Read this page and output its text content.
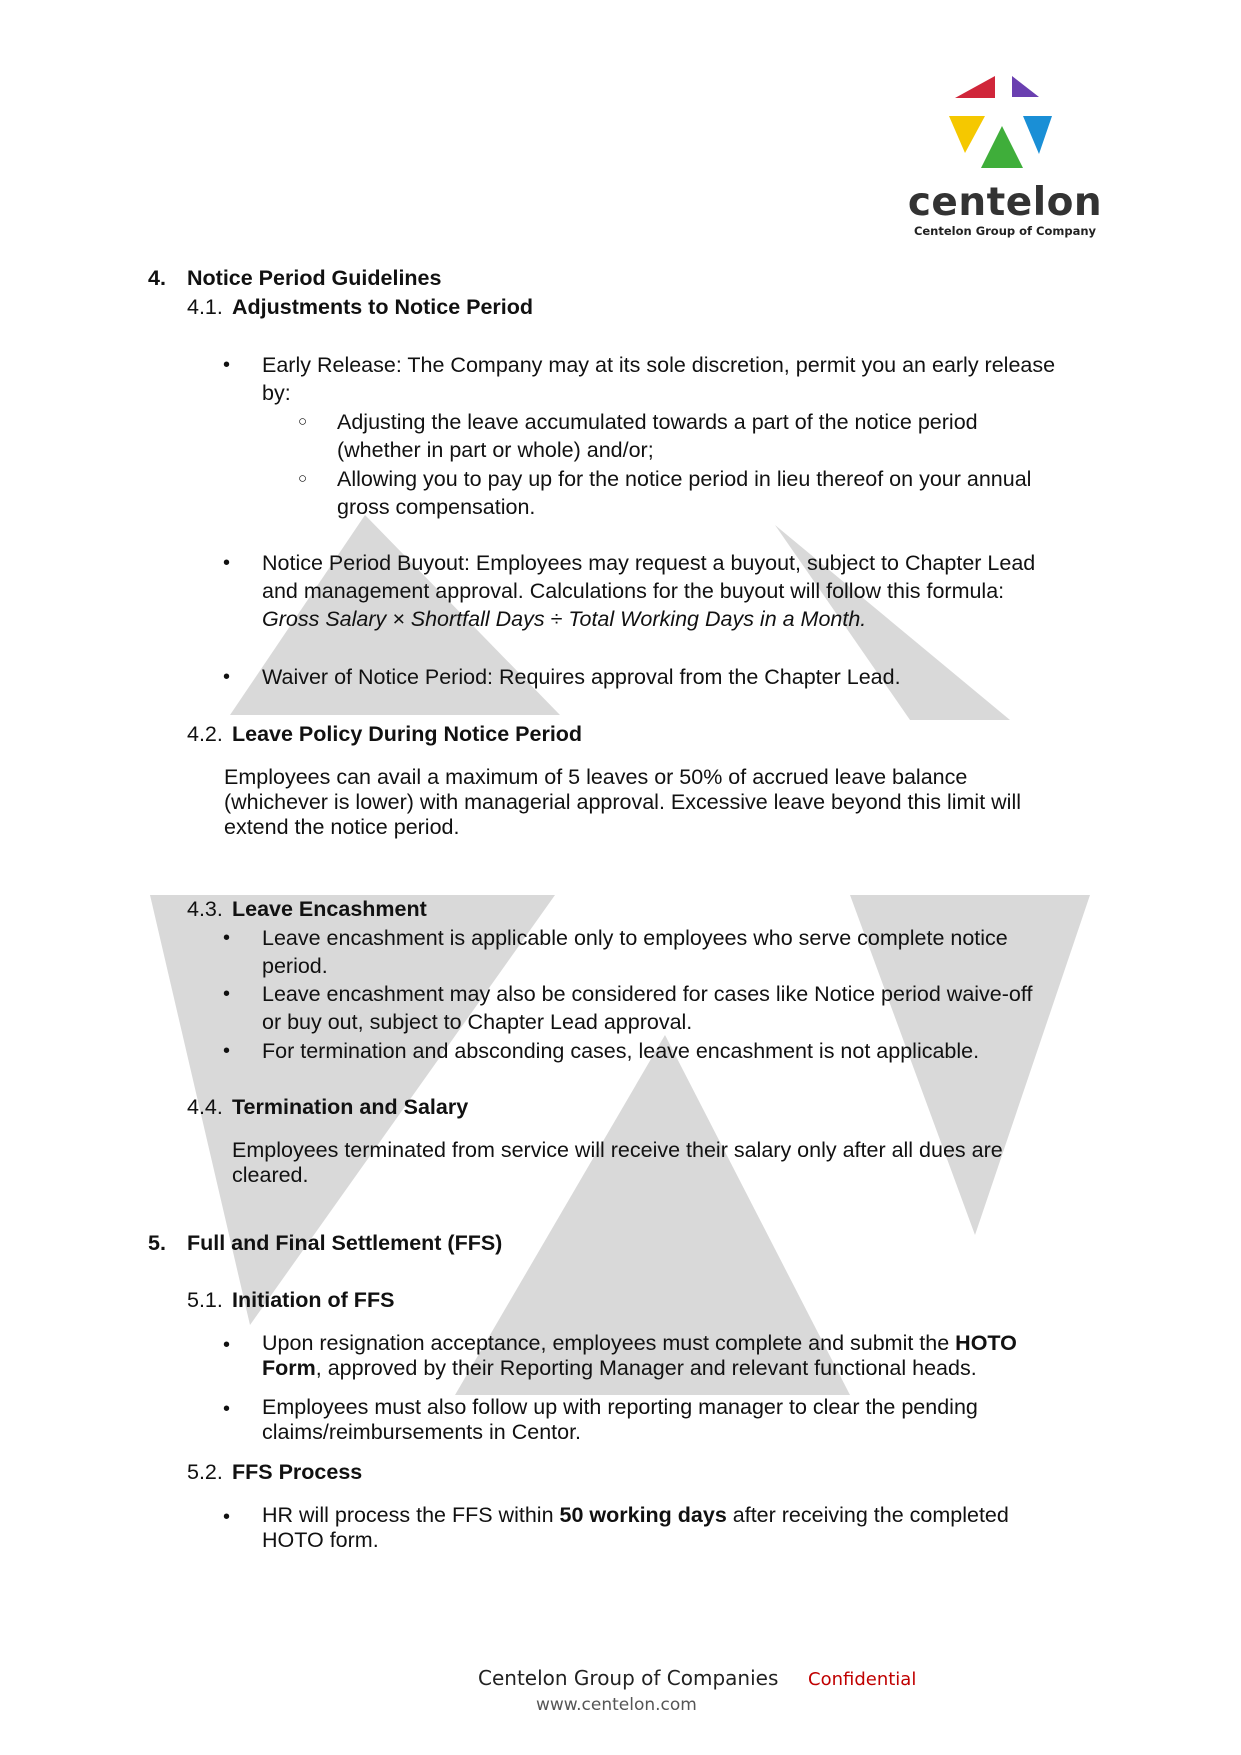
centelon
Centelon Group of Company
4. Notice Period Guidelines
4.1. Adjustments to Notice Period
• Early Release: The Company may at its sole discretion, permit you an early release
by:
○ Adjusting the leave accumulated towards a part of the notice period
(whether in part or whole) and/or;
○ Allowing you to pay up for the notice period in lieu thereof on your annual
gross compensation.
• Notice Period Buyout: Employees may request a buyout, subject to Chapter Lead
and management approval. Calculations for the buyout will follow this formula:
Gross Salary × Shortfall Days ÷ Total Working Days in a Month.
• Waiver of Notice Period: Requires approval from the Chapter Lead.
4.2. Leave Policy During Notice Period
Employees can avail a maximum of 5 leaves or 50% of accrued leave balance
(whichever is lower) with managerial approval. Excessive leave beyond this limit will
extend the notice period.
4.3. Leave Encashment
• Leave encashment is applicable only to employees who serve complete notice
period.
• Leave encashment may also be considered for cases like Notice period waive-off
or buy out, subject to Chapter Lead approval.
• For termination and absconding cases, leave encashment is not applicable.
4.4. Termination and Salary
Employees terminated from service will receive their salary only after all dues are
cleared.
5. Full and Final Settlement (FFS)
5.1. Initiation of FFS
• Upon resignation acceptance, employees must complete and submit the HOTO
Form, approved by their Reporting Manager and relevant functional heads.
• Employees must also follow up with reporting manager to clear the pending
claims/reimbursements in Centor.
5.2. FFS Process
• HR will process the FFS within 50 working days after receiving the completed
HOTO form.
Centelon Group of Companies Confidential
www.centelon.com
